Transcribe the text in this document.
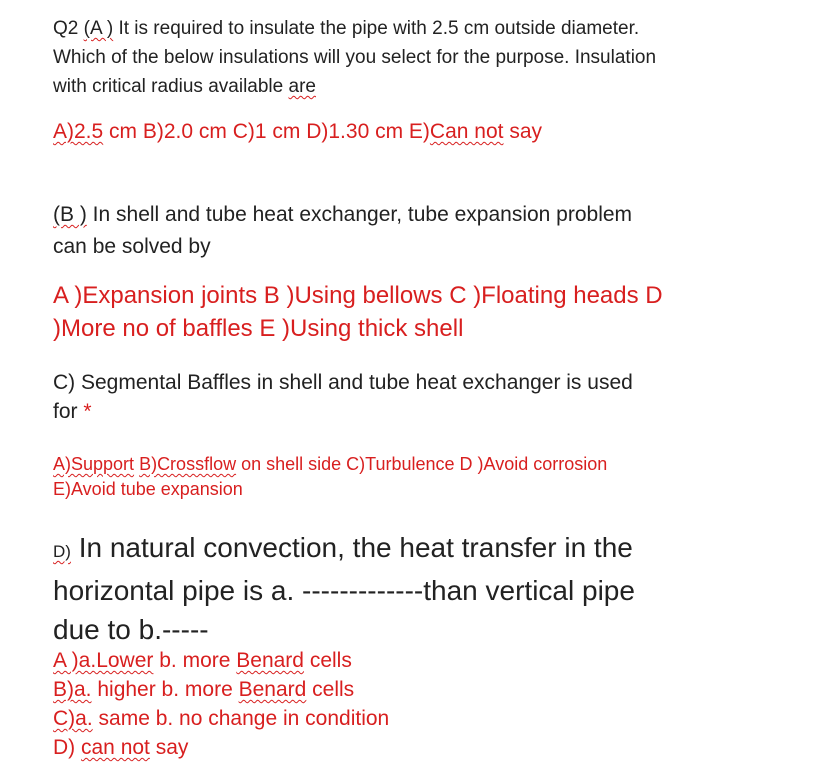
Q2 (A ) It is required to insulate the pipe with 2.5 cm outside diameter.
Which of the below insulations will you select for the purpose. Insulation
with critical radius available are
A)2.5 cm B)2.0 cm C)1 cm D)1.30 cm E)Can not say
(B ) In shell and tube heat exchanger, tube expansion problem
can be solved by
A )Expansion joints B )Using bellows C )Floating heads D
)More no of baffles E )Using thick shell
C) Segmental Baffles in shell and tube heat exchanger is used
for *
A)Support B)Crossflow on shell side C)Turbulence D )Avoid corrosion
E)Avoid tube expansion
D) In natural convection, the heat transfer in the
horizontal pipe is a. -------------than vertical pipe
due to b.-----
A )a.Lower b. more Benard cells
B)a. higher b. more Benard cells
C)a. same b. no change in condition
D) can not say
